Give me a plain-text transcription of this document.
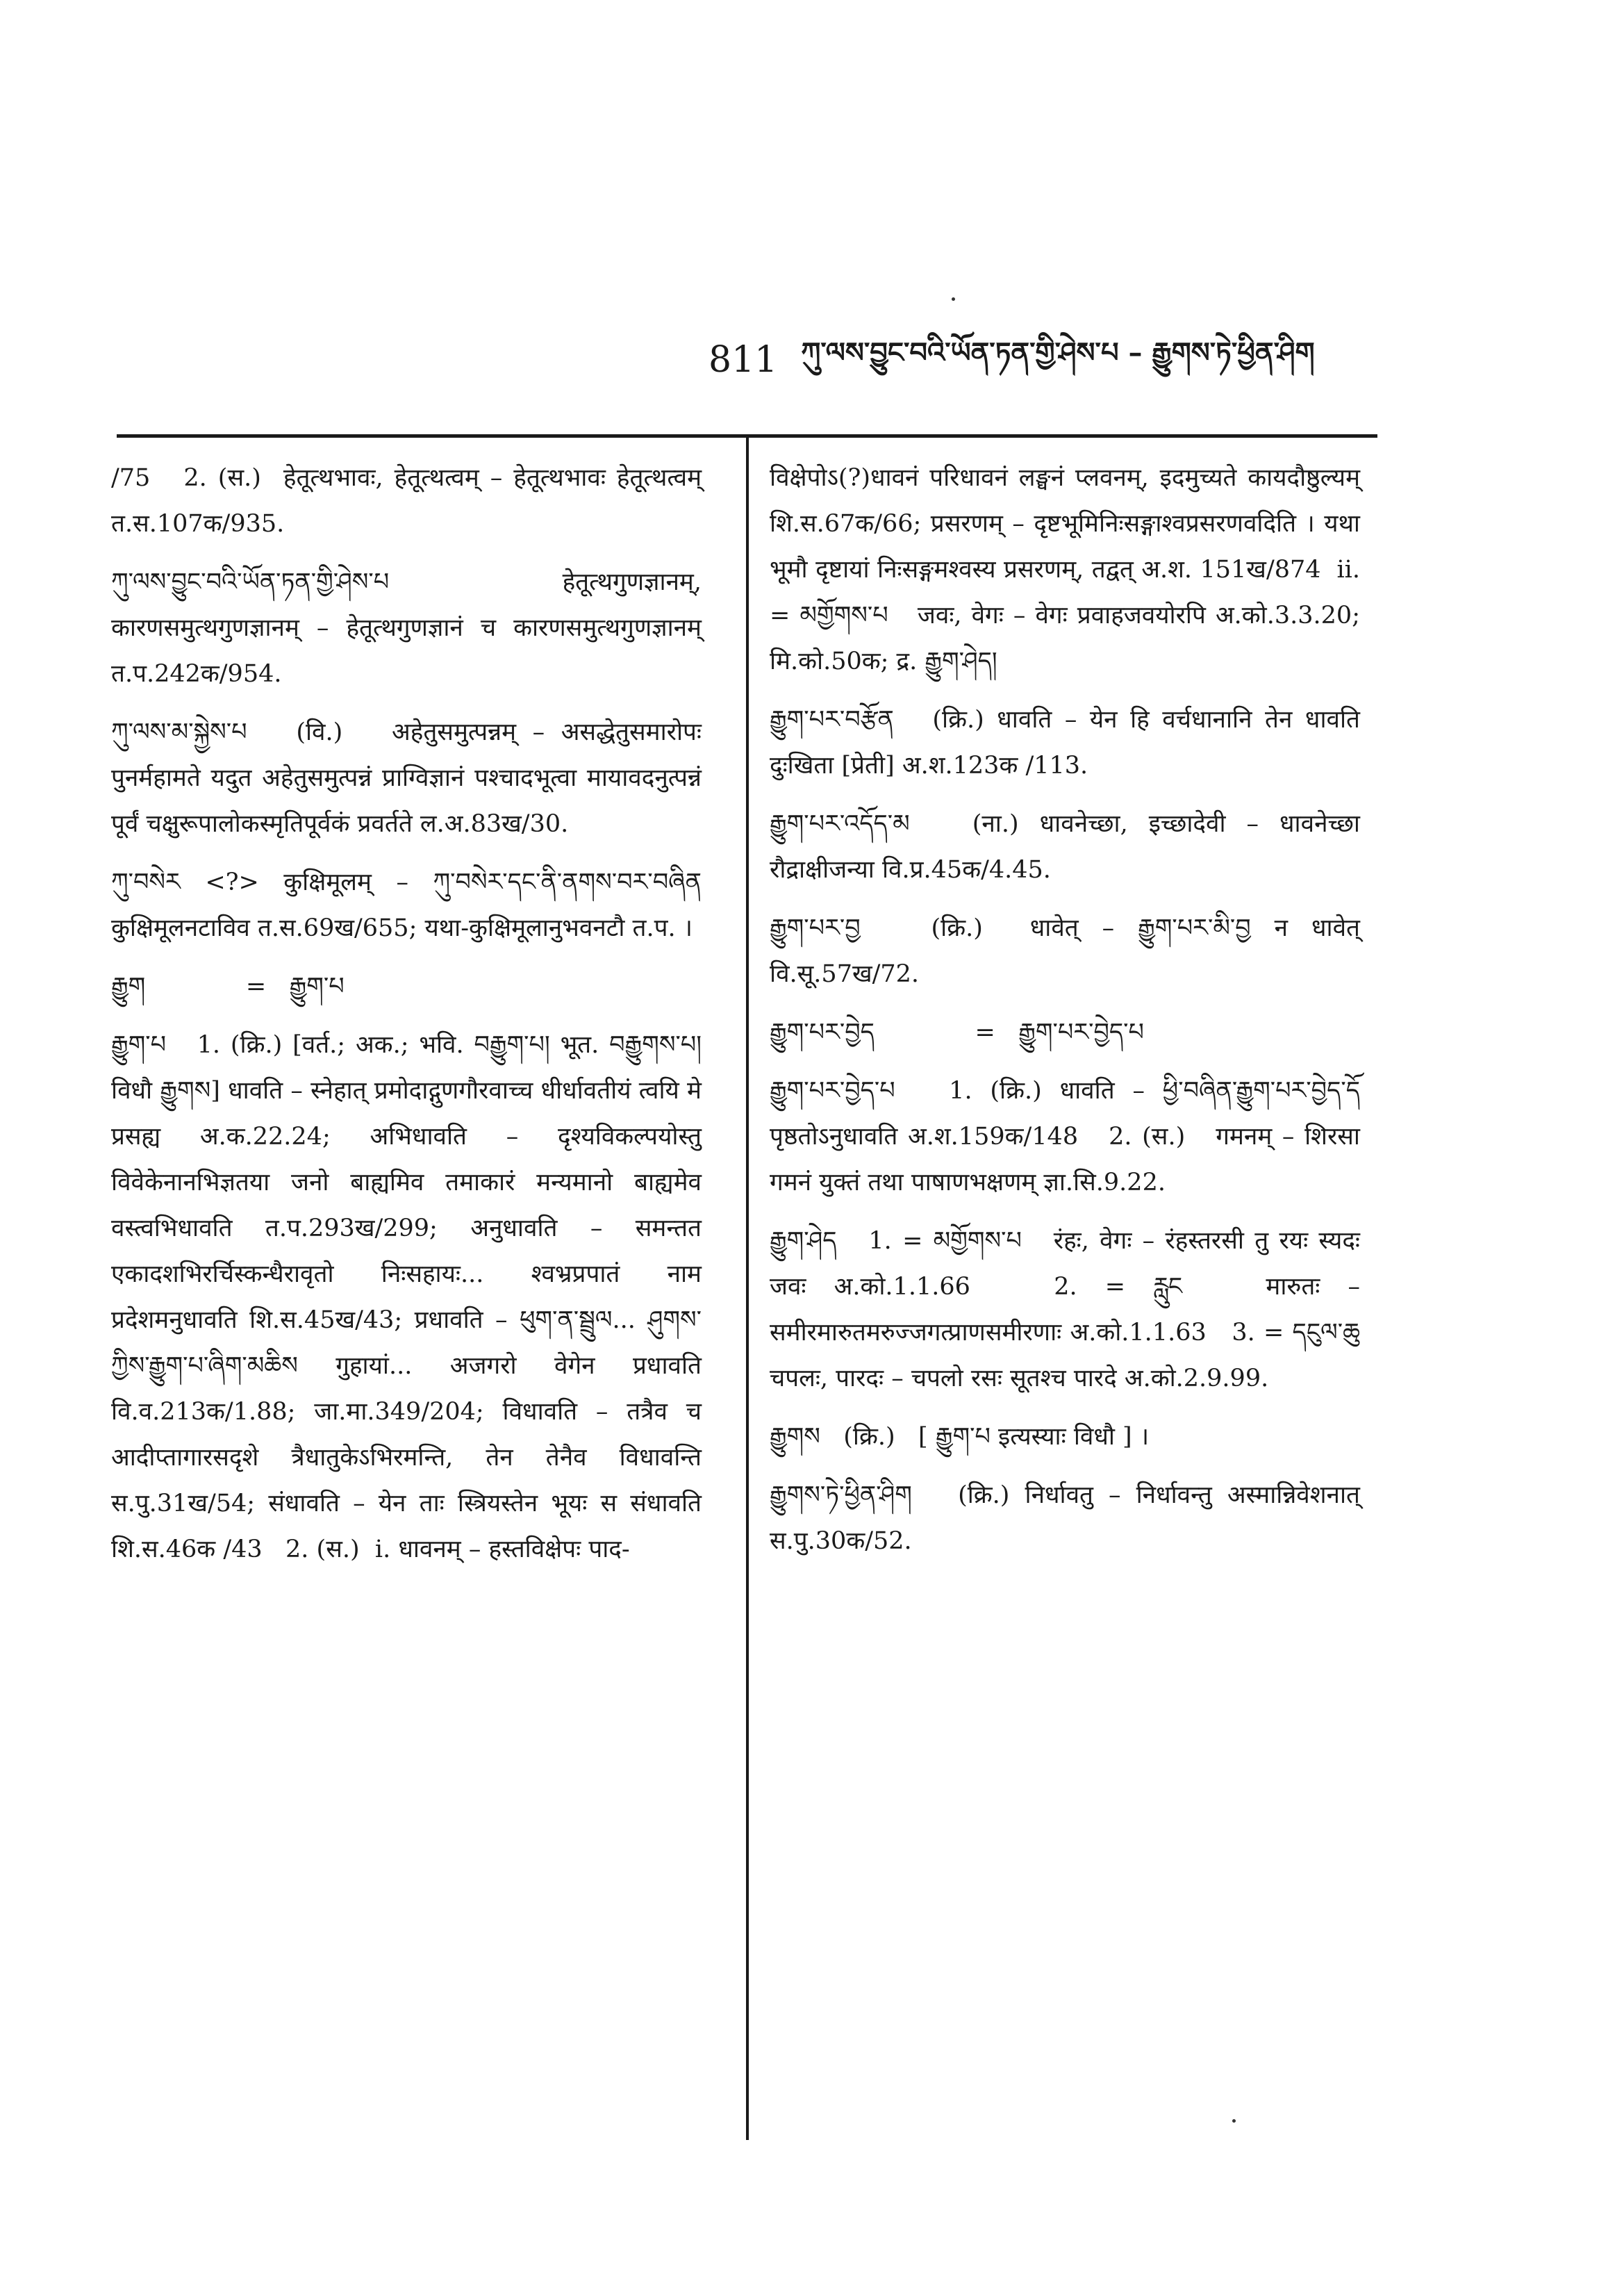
811 ཀུ་ལས་བྱུང་བའི་ཡོན་ཏན་གྱི་ཤེས་པ – རྒྱུགས་ཏེ་ཕྱིན་ཤིག

/75   2. (स.)  हेतूत्थभावः, हेतूत्थत्वम् – हेतूत्थभावः हेतूत्थत्वम् त.स.107क/935.

ཀུ་ལས་བྱུང་བའི་ཡོན་ཏན་གྱི་ཤེས་པ   हेतूत्थगुणज्ञानम्, कारणसमुत्थगुणज्ञानम् – हेतूत्थगुणज्ञानं च कारणसमुत्थगुणज्ञानम् त.प.242क/954.

ཀུ་ལས་མ་སྐྱེས་པ   (वि.)   अहेतुसमुत्पन्नम् – असद्धेतुसमारोपः पुनर्महामते यदुत अहेतुसमुत्पन्नं प्राग्विज्ञानं पश्चादभूत्वा मायावदनुत्पन्नं पूर्वं चक्षुरूपालोकस्मृतिपूर्वकं प्रवर्तते ल.अ.83ख/30.

ཀུ་བསེར <?> कुक्षिमूलम् – ཀུ་བསེར་དང་ནི་ནགས་བར་བཞིན कुक्षिमूलनटाविव त.स.69ख/655; यथा-कुक्षिमूलानुभवनटौ त.प. ।

རྒྱུག             =   རྒྱུག་པ

རྒྱུག་པ   1. (क्रि.) [वर्त.; अक.; भवि. བརྒྱུག་པ། भूत. བརྒྱུགས་པ། विधौ རྒྱུགས] धावति – स्नेहात् प्रमोदाद्गुणगौरवाच्च धीर्धावतीयं त्वयि मे प्रसह्य अ.क.22.24; अभिधावति – दृश्यविकल्पयोस्तु विवेकेनानभिज्ञतया जनो बाह्यमिव तमाकारं मन्यमानो बाह्यमेव वस्त्वभिधावति त.प.293ख/299; अनुधावति – समन्तत एकादशभिरर्चिस्कन्धैरावृतो निःसहायः... श्वभ्रप्रपातं नाम प्रदेशमनुधावति शि.स.45ख/43; प्रधावति – ཕུག་ན་སྦྲུལ... ཤུགས་ཀྱིས་རྒྱུག་པ་ཞིག་མཆིས गुहायां... अजगरो वेगेन प्रधावति वि.व.213क/1.88; जा.मा.349/204; विधावति – तत्रैव च आदीप्तागारसदृशे त्रैधातुकेऽभिरमन्ति, तेन तेनैव विधावन्ति स.पु.31ख/54; संधावति – येन ताः स्त्रियस्तेन भूयः स संधावति शि.स.46क /43   2. (स.)  i. धावनम् – हस्तविक्षेपः पाद-

विक्षेपोऽ(?)धावनं परिधावनं लङ्घनं प्लवनम्, इदमुच्यते कायदौष्ठुल्यम् शि.स.67क/66; प्रसरणम् – दृष्टभूमिनिःसङ्गाश्वप्रसरणवदिति । यथा भूमौ दृष्टायां निःसङ्गमश्वस्य प्रसरणम्, तद्वत् अ.श. 151ख/874  ii. = མགྱོགས་པ   जवः, वेगः – वेगः प्रवाहजवयोरपि अ.को.3.3.20; मि.को.50क; द्र. རྒྱུག་ཤེད།

རྒྱུག་པར་བརྩོན   (क्रि.) धावति – येन हि वर्चधानानि तेन धावति दुःखिता [प्रेती] अ.श.123क /113.

རྒྱུག་པར་འདོད་མ   (ना.) धावनेच्छा, इच्छादेवी – धावनेच्छा रौद्राक्षीजन्या वि.प्र.45क/4.45.

རྒྱུག་པར་བྱ   (क्रि.)  धावेत् – རྒྱུག་པར་མི་བྱ न धावेत् वि.सू.57ख/72.

རྒྱུག་པར་བྱེད             =   རྒྱུག་པར་བྱེད་པ

རྒྱུག་པར་བྱེད་པ   1. (क्रि.) धावति – ཕྱི་བཞིན་རྒྱུག་པར་བྱེད་དོ   पृष्ठतोऽनुधावति अ.श.159क/148   2. (स.)   गमनम् – शिरसा गमनं युक्तं तथा पाषाणभक्षणम् ज्ञा.सि.9.22.

རྒྱུག་ཤེད   1. = མགྱོགས་པ   रंहः, वेगः – रंहस्तरसी तु रयः स्यदः जवः अ.को.1.1.66   2. = རླུང   मारुतः – समीरमारुतमरुज्जगत्प्राणसमीरणाः अ.को.1.1.63   3. = དངུལ་ཆུ   चपलः, पारदः – चपलो रसः सूतश्च पारदे अ.को.2.9.99.

རྒྱུགས   (क्रि.)   [ རྒྱུག་པ इत्यस्याः विधौ ] ।

རྒྱུགས་ཏེ་ཕྱིན་ཤིག   (क्रि.) निर्धावतु – निर्धावन्तु अस्मान्निवेशनात् स.पु.30क/52.
